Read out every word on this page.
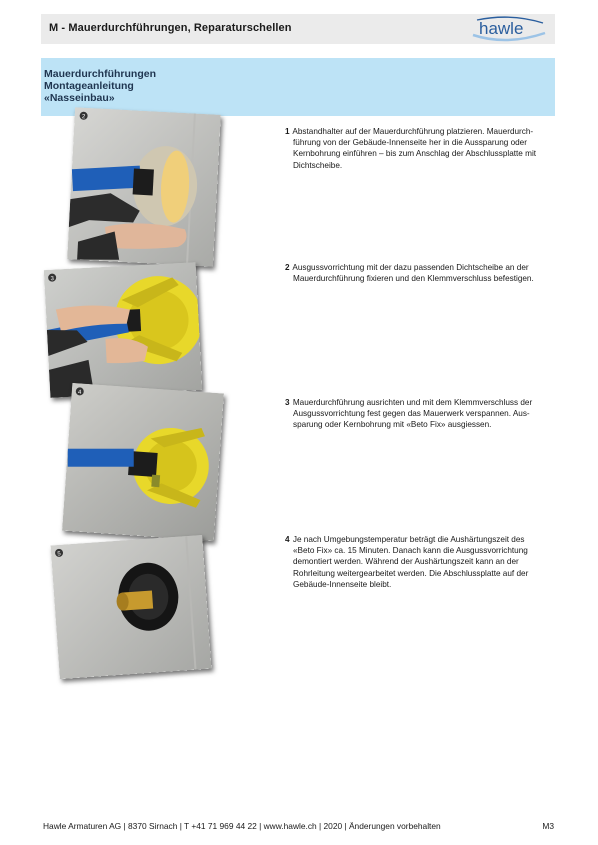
M - Mauerdurchführungen, Reparaturschellen	hawle
Mauerdurchführungen
Montageanleitung
«Nasseinbau»
2
3
4
5
1 Abstandhalter auf der Mauerdurchführung platzieren. Mauerdurch-
führung von der Gebäude-Innenseite her in die Aussparung oder
Kernbohrung einführen – bis zum Anschlag der Abschlussplatte mit
Dichtscheibe.
2 Ausgussvorrichtung mit der dazu passenden Dichtscheibe an der
Mauerdurchführung fixieren und den Klemmverschluss befestigen.
3 Mauerdurchführung ausrichten und mit dem Klemmverschluss der
Ausgussvorrichtung fest gegen das Mauerwerk verspannen. Aus-
sparung oder Kernbohrung mit «Beto Fix» ausgiessen.
4 Je nach Umgebungstemperatur beträgt die Aushärtungszeit des
«Beto Fix» ca. 15 Minuten. Danach kann die Ausgussvorrichtung
demontiert werden. Während der Aushärtungszeit kann an der
Rohrleitung weitergearbeitet werden. Die Abschlussplatte auf der
Gebäude-Innenseite bleibt.
Hawle Armaturen AG | 8370 Sirnach | T +41 71 969 44 22 | www.hawle.ch | 2020 | Änderungen vorbehalten	M3
